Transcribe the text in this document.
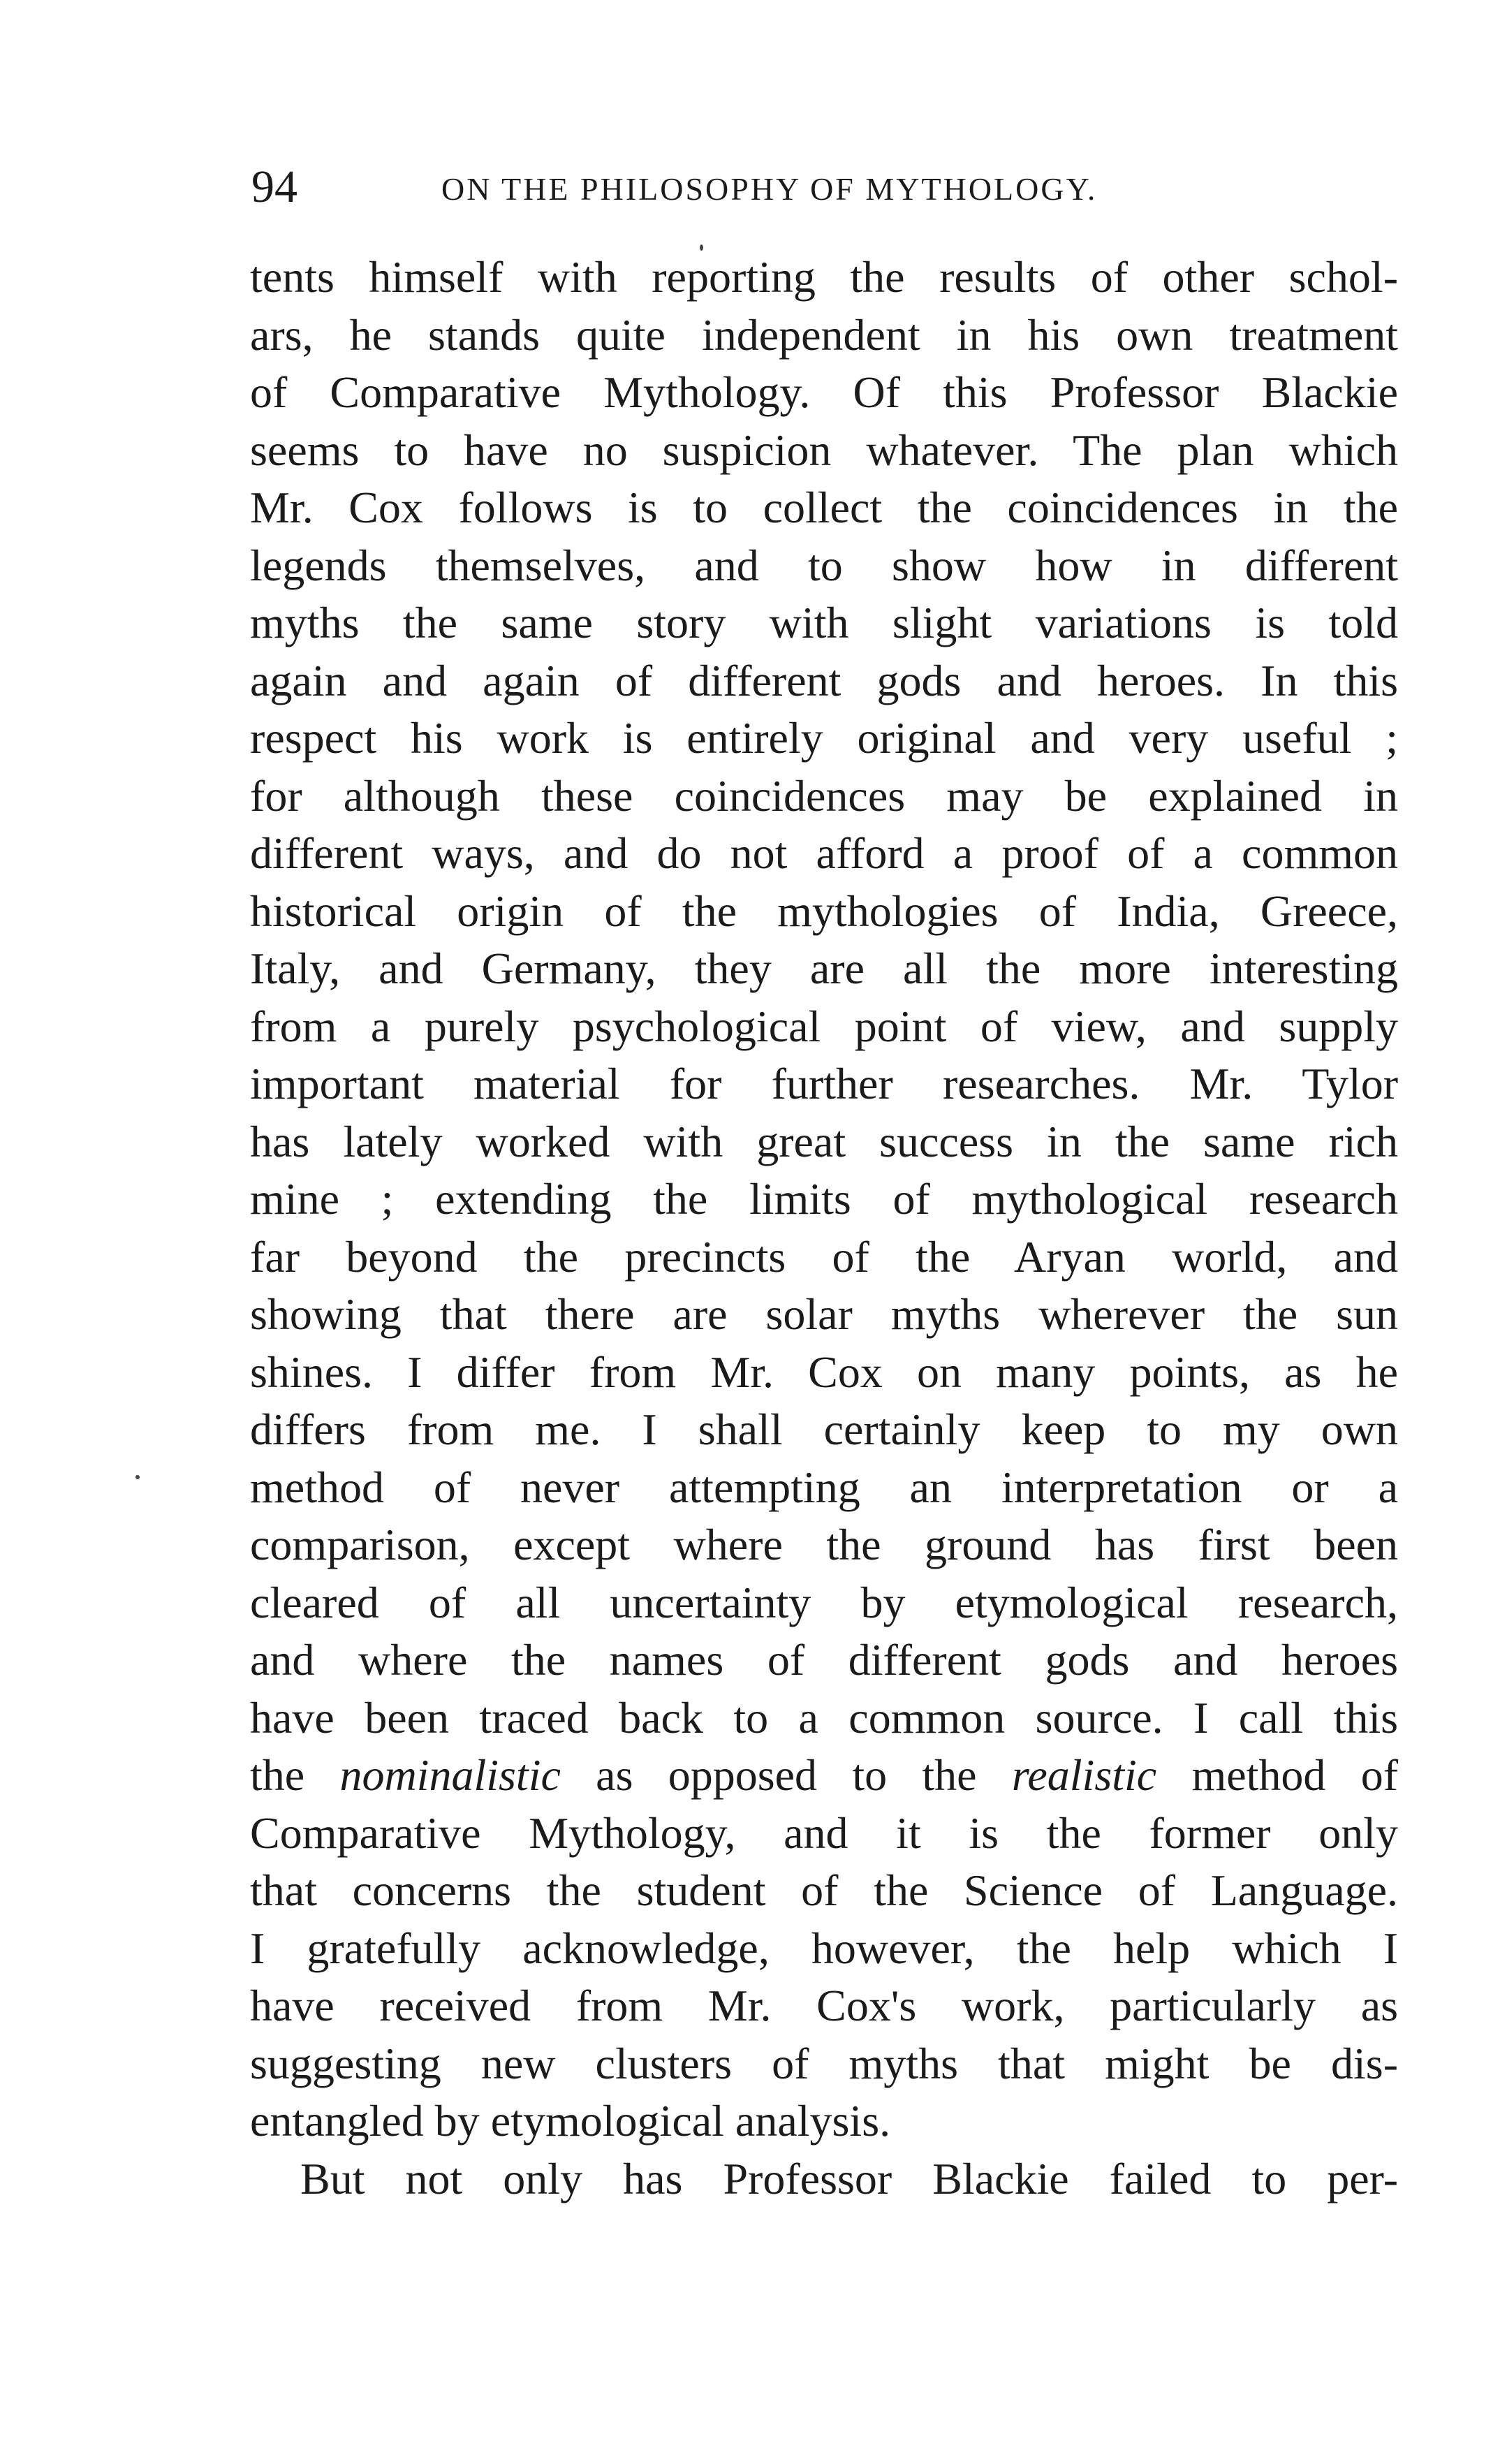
94	ON THE PHILOSOPHY OF MYTHOLOGY.
tents himself with reporting the results of other schol-
ars, he stands quite independent in his own treatment
of Comparative Mythology. Of this Professor Blackie
seems to have no suspicion whatever. The plan which
Mr. Cox follows is to collect the coincidences in the
legends themselves, and to show how in different
myths the same story with slight variations is told
again and again of different gods and heroes. In this
respect his work is entirely original and very useful ;
for although these coincidences may be explained in
different ways, and do not afford a proof of a common
historical origin of the mythologies of India, Greece,
Italy, and Germany, they are all the more interesting
from a purely psychological point of view, and supply
important material for further researches. Mr. Tylor
has lately worked with great success in the same rich
mine ; extending the limits of mythological research
far beyond the precincts of the Aryan world, and
showing that there are solar myths wherever the sun
shines. I differ from Mr. Cox on many points, as he
differs from me. I shall certainly keep to my own
method of never attempting an interpretation or a
comparison, except where the ground has first been
cleared of all uncertainty by etymological research,
and where the names of different gods and heroes
have been traced back to a common source. I call this
the nominalistic as opposed to the realistic method of
Comparative Mythology, and it is the former only
that concerns the student of the Science of Language.
I gratefully acknowledge, however, the help which I
have received from Mr. Cox's work, particularly as
suggesting new clusters of myths that might be dis-
entangled by etymological analysis.
But not only has Professor Blackie failed to per-
